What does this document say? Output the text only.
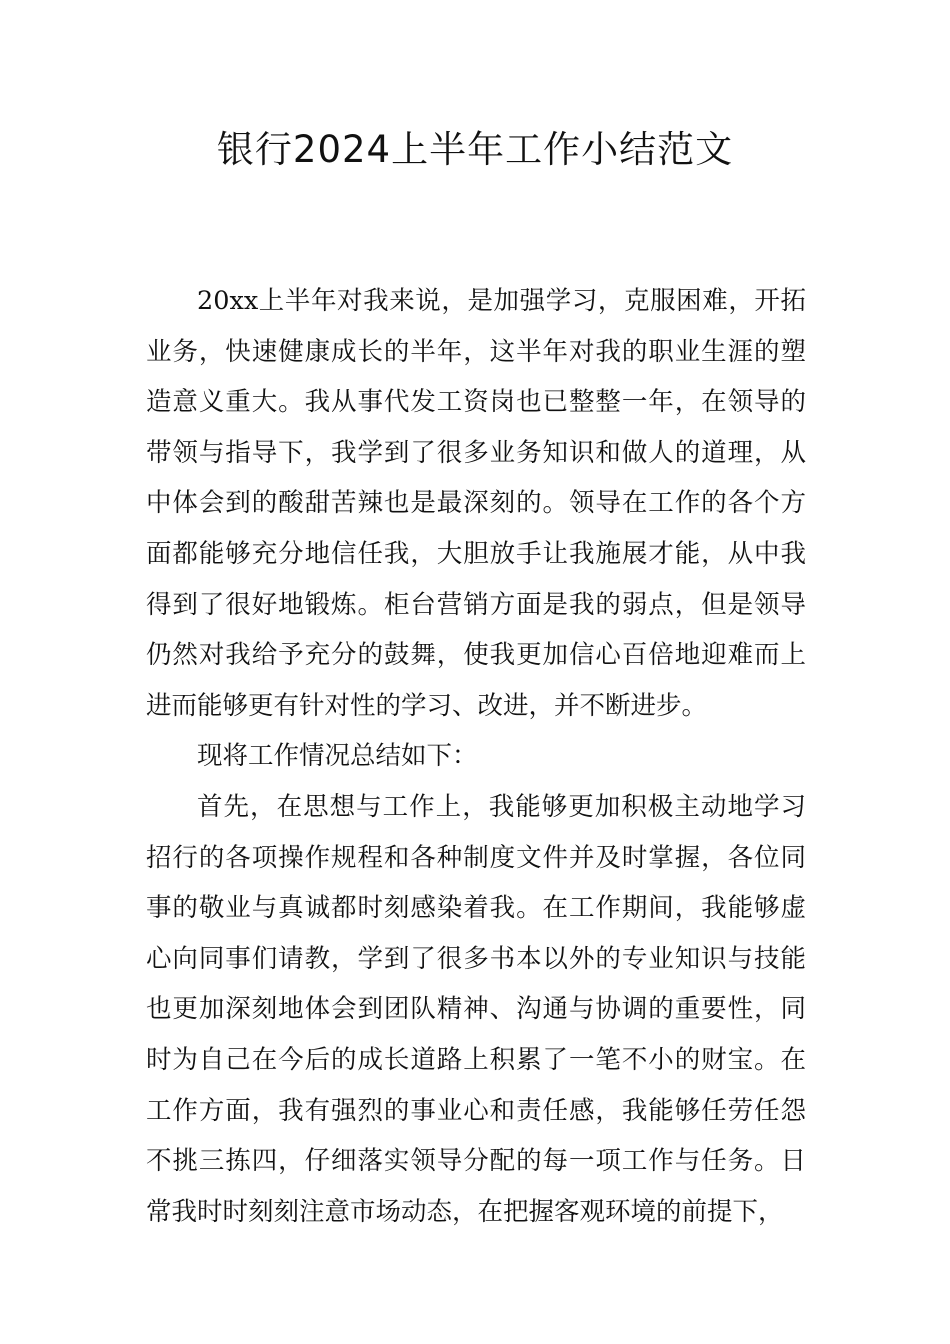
银行2024上半年工作小结范文

20xx上半年对我来说，是加强学习，克服困难，开拓业务，快速健康成长的半年，这半年对我的职业生涯的塑造意义重大。我从事代发工资岗也已整整一年，在领导的带领与指导下，我学到了很多业务知识和做人的道理，从中体会到的酸甜苦辣也是最深刻的。领导在工作的各个方面都能够充分地信任我，大胆放手让我施展才能，从中我得到了很好地锻炼。柜台营销方面是我的弱点，但是领导仍然对我给予充分的鼓舞，使我更加信心百倍地迎难而上进而能够更有针对性的学习、改进，并不断进步。

现将工作情况总结如下：

首先，在思想与工作上，我能够更加积极主动地学习招行的各项操作规程和各种制度文件并及时掌握，各位同事的敬业与真诚都时刻感染着我。在工作期间，我能够虚心向同事们请教，学到了很多书本以外的专业知识与技能也更加深刻地体会到团队精神、沟通与协调的重要性，同时为自己在今后的成长道路上积累了一笔不小的财宝。在工作方面，我有强烈的事业心和责任感，我能够任劳任怨不挑三拣四，仔细落实领导分配的每一项工作与任务。日常我时时刻刻注意市场动态，在把握客观环境的前提下，
